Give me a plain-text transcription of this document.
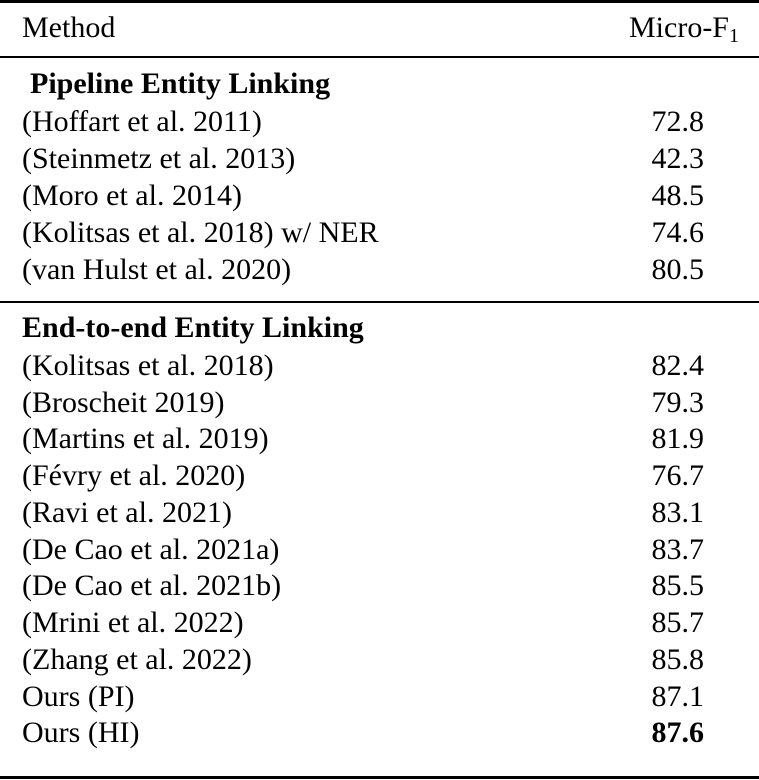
Method	Micro-$F_1$
Pipeline Entity Linking
(Hoffart et al. 2011)	72.8
(Steinmetz et al. 2013)	42.3
(Moro et al. 2014)	48.5
(Kolitsas et al. 2018) w/ NER	74.6
(van Hulst et al. 2020)	80.5
End-to-end Entity Linking
(Kolitsas et al. 2018)	82.4
(Broscheit 2019)	79.3
(Martins et al. 2019)	81.9
(Févry et al. 2020)	76.7
(Ravi et al. 2021)	83.1
(De Cao et al. 2021a)	83.7
(De Cao et al. 2021b)	85.5
(Mrini et al. 2022)	85.7
(Zhang et al. 2022)	85.8
Ours (PI)	87.1
Ours (HI)	87.6
